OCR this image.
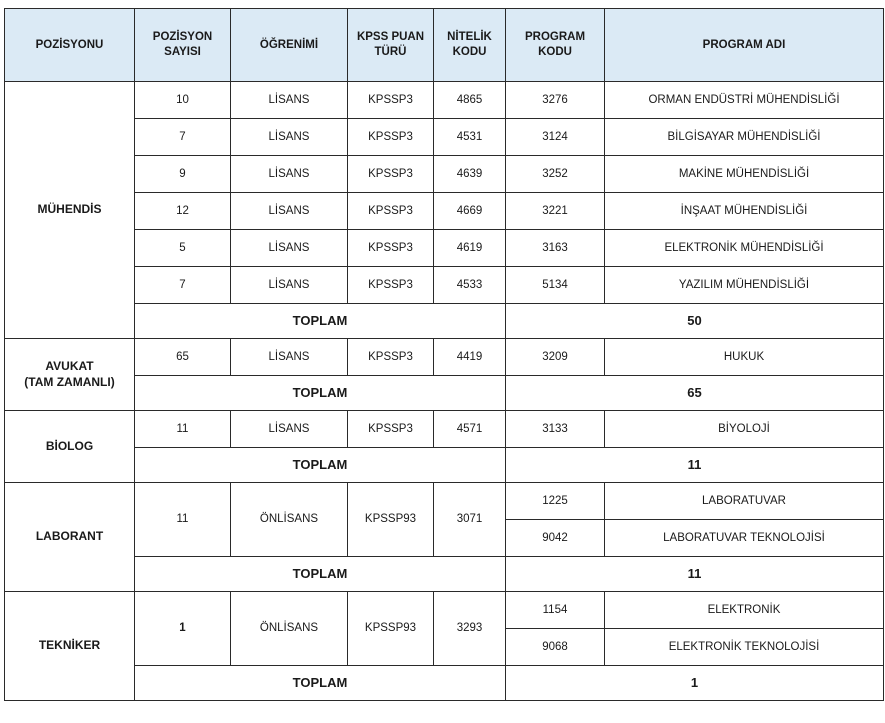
POZİSYONU	POZİSYON SAYISI	ÖĞRENİMİ	KPSS PUAN TÜRÜ	NİTELİK KODU	PROGRAM KODU	PROGRAM ADI
MÜHENDİS	10	LİSANS	KPSSP3	4865	3276	ORMAN ENDÜSTRİ MÜHENDİSLİĞİ
	7	LİSANS	KPSSP3	4531	3124	BİLGİSAYAR MÜHENDİSLİĞİ
	9	LİSANS	KPSSP3	4639	3252	MAKİNE MÜHENDİSLİĞİ
	12	LİSANS	KPSSP3	4669	3221	İNŞAAT MÜHENDİSLİĞİ
	5	LİSANS	KPSSP3	4619	3163	ELEKTRONİK MÜHENDİSLİĞİ
	7	LİSANS	KPSSP3	4533	5134	YAZILIM MÜHENDİSLİĞİ
	TOPLAM				50	
AVUKAT
(TAM ZAMANLI)	65	LİSANS	KPSSP3	4419	3209	HUKUK
	TOPLAM				65	
BİOLOG	11	LİSANS	KPSSP3	4571	3133	BİYOLOJİ
	TOPLAM				11	
LABORANT	11	ÖNLİSANS	KPSSP93	3071	1225	LABORATUVAR
					9042	LABORATUVAR TEKNOLOJİSİ
	TOPLAM				11	
TEKNİKER	1	ÖNLİSANS	KPSSP93	3293	1154	ELEKTRONİK
					9068	ELEKTRONİK TEKNOLOJİSİ
	TOPLAM				1	
